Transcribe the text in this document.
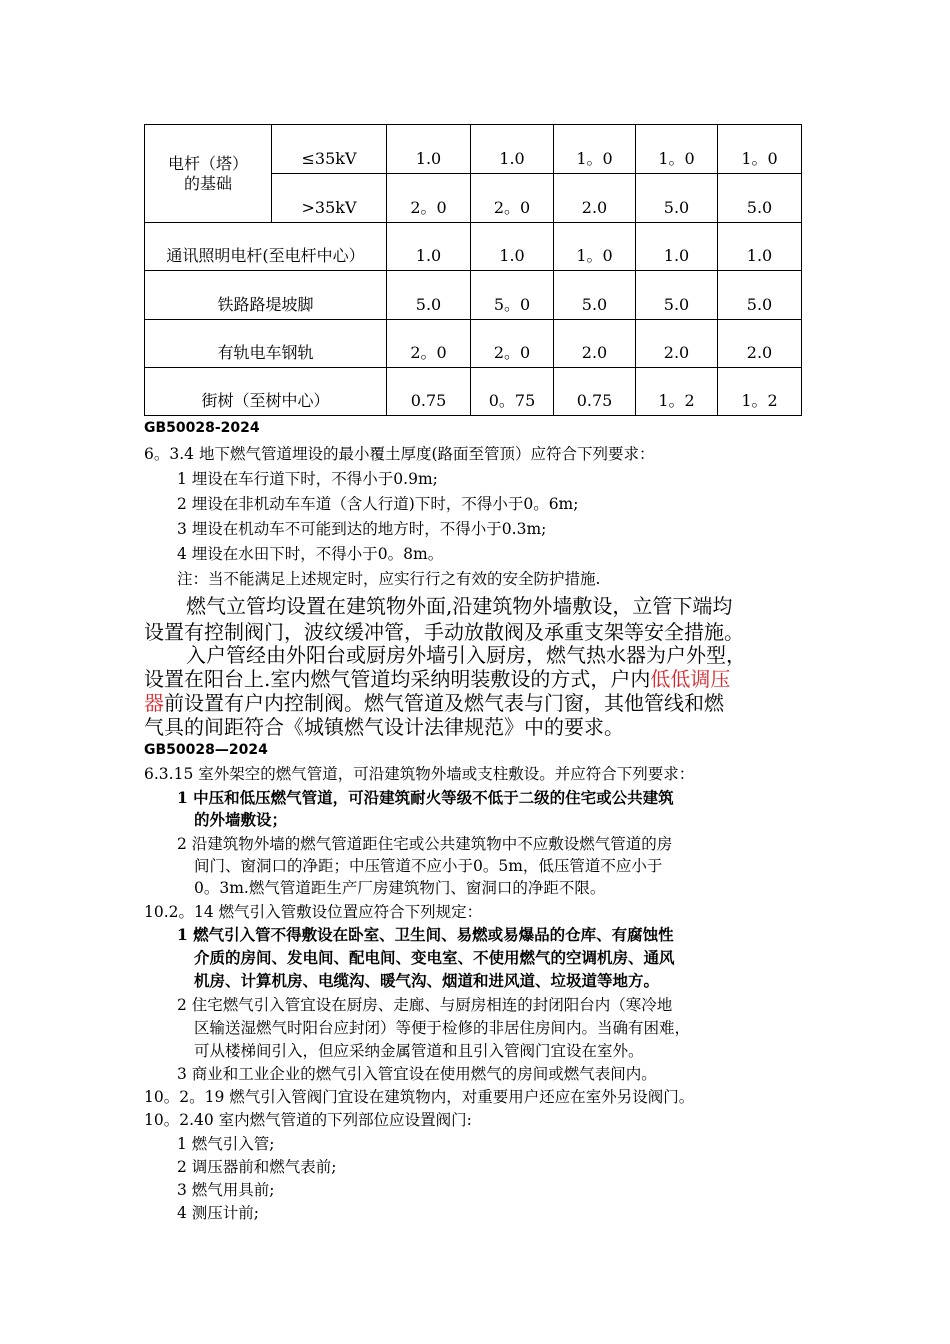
电杆（塔）
的基础	≤35kV	1.0	1.0	1。0	1。0	1。0
	>35kV	2。0	2。0	2.0	5.0	5.0
通讯照明电杆(至电杆中心）		1.0	1.0	1。0	1.0	1.0
铁路路堤坡脚		5.0	5。0	5.0	5.0	5.0
有轨电车钢轨		2。0	2。0	2.0	2.0	2.0
街树（至树中心）		0.75	0。75	0.75	1。2	1。2
GB50028-2024
6。3.4 地下燃气管道埋设的最小覆土厚度(路面至管顶）应符合下列要求：
1 埋设在车行道下时，不得小于0.9m;
2 埋设在非机动车车道（含人行道)下时，不得小于0。6m;
3 埋设在机动车不可能到达的地方时，不得小于0.3m;
4 埋设在水田下时，不得小于0。8m。
注：当不能满足上述规定时，应实行行之有效的安全防护措施.
燃气立管均设置在建筑物外面,沿建筑物外墙敷设，立管下端均
设置有控制阀门，波纹缓冲管，手动放散阀及承重支架等安全措施。
入户管经由外阳台或厨房外墙引入厨房，燃气热水器为户外型，
设置在阳台上.室内燃气管道均采纳明装敷设的方式，户内低低调压
器前设置有户内控制阀。燃气管道及燃气表与门窗，其他管线和燃
气具的间距符合《城镇燃气设计法律规范》中的要求。
GB50028—2024
6.3.15 室外架空的燃气管道，可沿建筑物外墙或支柱敷设。并应符合下列要求：
1 中压和低压燃气管道，可沿建筑耐火等级不低于二级的住宅或公共建筑
的外墙敷设；
2 沿建筑物外墙的燃气管道距住宅或公共建筑物中不应敷设燃气管道的房
间门、窗洞口的净距；中压管道不应小于0。5m，低压管道不应小于
0。3m.燃气管道距生产厂房建筑物门、窗洞口的净距不限。
10.2。14 燃气引入管敷设位置应符合下列规定：
1 燃气引入管不得敷设在卧室、卫生间、易燃或易爆品的仓库、有腐蚀性
介质的房间、发电间、配电间、变电室、不使用燃气的空调机房、通风
机房、计算机房、电缆沟、暖气沟、烟道和进风道、垃圾道等地方。
2 住宅燃气引入管宜设在厨房、走廊、与厨房相连的封闭阳台内（寒冷地
区输送湿燃气时阳台应封闭）等便于检修的非居住房间内。当确有困难，
可从楼梯间引入，但应采纳金属管道和且引入管阀门宜设在室外。
3 商业和工业企业的燃气引入管宜设在使用燃气的房间或燃气表间内。
10。2。19 燃气引入管阀门宜设在建筑物内，对重要用户还应在室外另设阀门。
10。2.40 室内燃气管道的下列部位应设置阀门:
1 燃气引入管;
2 调压器前和燃气表前;
3 燃气用具前;
4 测压计前;
